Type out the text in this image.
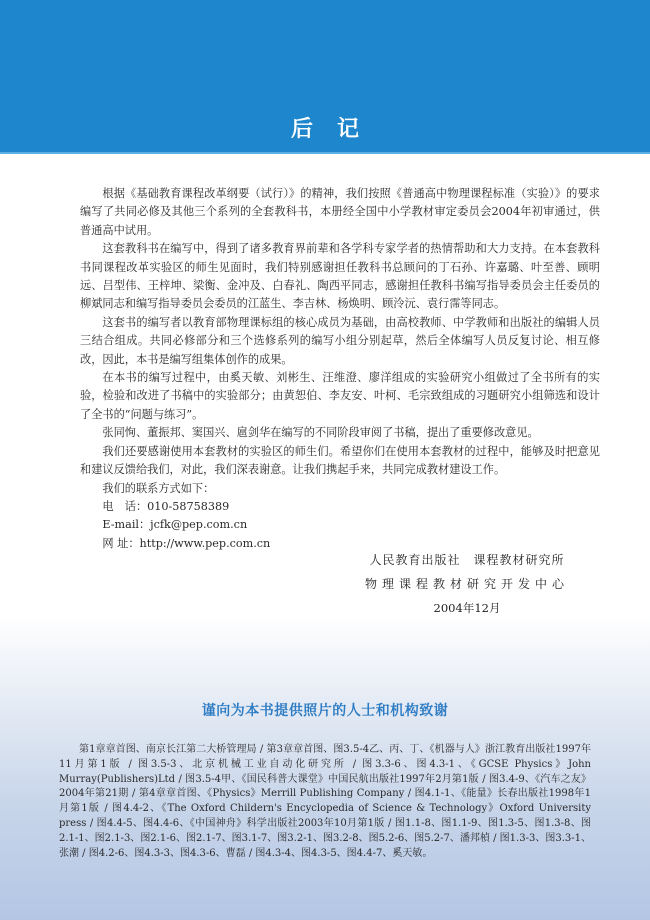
后记

根据《基础教育课程改革纲要（试行）》的精神，我们按照《普通高中物理课程标准（实验）》的要求编写了共同必修及其他三个系列的全套教科书，本册经全国中小学教材审定委员会2004年初审通过，供普通高中试用。

这套教科书在编写中，得到了诸多教育界前辈和各学科专家学者的热情帮助和大力支持。在本套教科书同课程改革实验区的师生见面时，我们特别感谢担任教科书总顾问的丁石孙、许嘉璐、叶至善、顾明远、吕型伟、王梓坤、梁衡、金冲及、白春礼、陶西平同志，感谢担任教科书编写指导委员会主任委员的柳斌同志和编写指导委员会委员的江蓝生、李吉林、杨焕明、顾泠沅、袁行霈等同志。

这套书的编写者以教育部物理课标组的核心成员为基础，由高校教师、中学教师和出版社的编辑人员三结合组成。共同必修部分和三个选修系列的编写小组分别起草，然后全体编写人员反复讨论、相互修改，因此，本书是编写组集体创作的成果。

在本书的编写过程中，由奚天敏、刘彬生、汪维澄、廖洋组成的实验研究小组做过了全书所有的实验，检验和改进了书稿中的实验部分；由黄恕伯、李友安、叶柯、毛宗致组成的习题研究小组筛选和设计了全书的“问题与练习”。

张同恂、董振邦、窦国兴、扈剑华在编写的不同阶段审阅了书稿，提出了重要修改意见。

我们还要感谢使用本套教材的实验区的师生们。希望你们在使用本套教材的过程中，能够及时把意见和建议反馈给我们，对此，我们深表谢意。让我们携起手来，共同完成教材建设工作。

我们的联系方式如下：

电　话：010-58758389

E-mail：jcfk@pep.com.cn

网 址：http://www.pep.com.cn

人民教育出版社　课程教材研究所
物理课程教材研究开发中心
2004年12月
谨向为本书提供照片的人士和机构致谢

第1章章首图、南京长江第二大桥管理局 / 第3章章首图、图3.5-4乙、丙、丁、《机器与人》浙江教育出版社1997年11月第1版 / 图3.5-3、北京机械工业自动化研究所 / 图3.3-6、图4.3-1、《GCSE Physics》John Murray(Publishers)Ltd / 图3.5-4甲、《国民科普大课堂》中国民航出版社1997年2月第1版 / 图3.4-9、《汽车之友》2004年第21期 / 第4章章首图、《Physics》Merrill Publishing Company / 图4.1-1、《能量》长春出版社1998年1月第1版 / 图4.4-2、《The Oxford Childern's Encyclopedia of Science & Technology》Oxford University press / 图4.4-5、图4.4-6、《中国神舟》科学出版社2003年10月第1版 / 图1.1-8、图1.1-9、图1.3-5、图1.3-8、图2.1-1、图2.1-3、图2.1-6、图2.1-7、图3.1-7、图3.2-1、图3.2-8、图5.2-6、图5.2-7、潘邦楨 / 图1.3-3、图3.3-1、张潮 / 图4.2-6、图4.3-3、图4.3-6、曹磊 / 图4.3-4、图4.3-5、图4.4-7、奚天敏。
